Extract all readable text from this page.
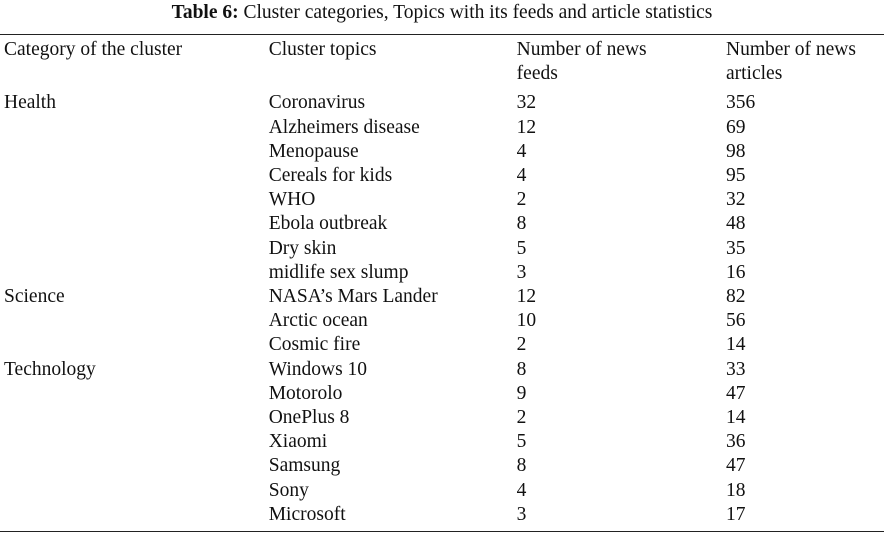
Table 6: Cluster categories, Topics with its feeds and article statistics
Category of the cluster	Cluster topics	Number of news feeds	Number of news articles

Health	Coronavirus	32	356
	Alzheimers disease	12	69
	Menopause	4	98
	Cereals for kids	4	95
	WHO	2	32
	Ebola outbreak	8	48
	Dry skin	5	35
	midlife sex slump	3	16
Science	NASA’s Mars Lander	12	82
	Arctic ocean	10	56
	Cosmic fire	2	14
Technology	Windows 10	8	33
	Motorolo	9	47
	OnePlus 8	2	14
	Xiaomi	5	36
	Samsung	8	47
	Sony	4	18
	Microsoft	3	17
